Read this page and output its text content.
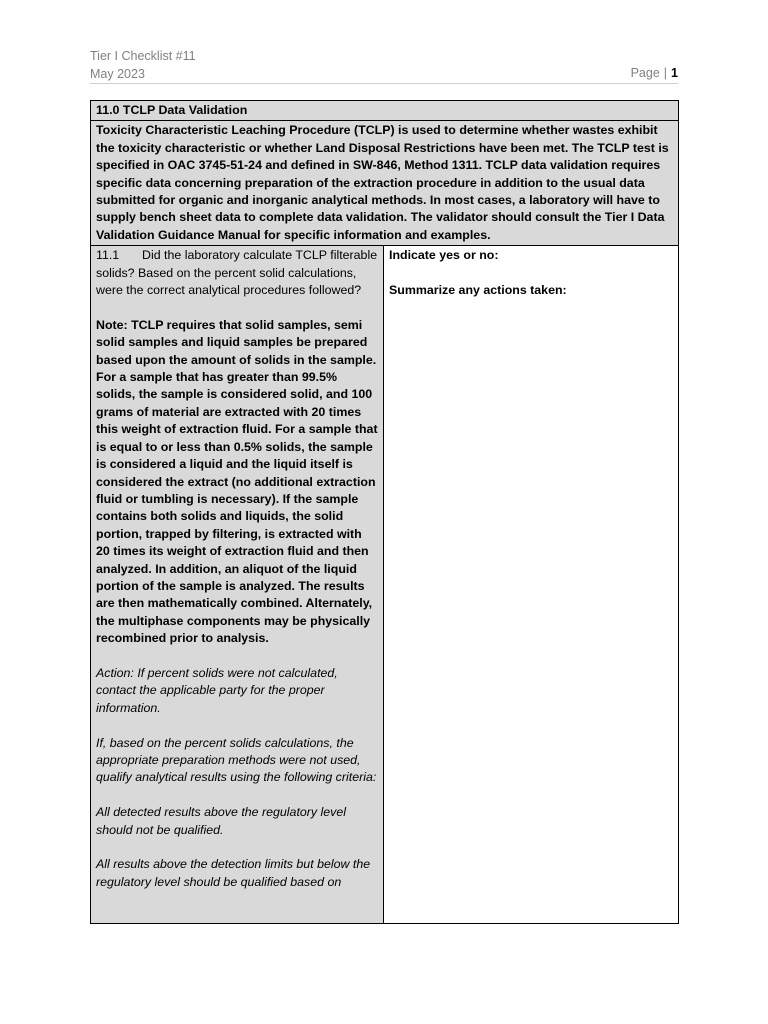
Tier I Checklist #11
May 2023	Page | 1
11.0 TCLP Data Validation
Toxicity Characteristic Leaching Procedure (TCLP) is used to determine whether wastes exhibit the toxicity characteristic or whether Land Disposal Restrictions have been met. The TCLP test is specified in OAC 3745-51-24 and defined in SW-846, Method 1311. TCLP data validation requires specific data concerning preparation of the extraction procedure in addition to the usual data submitted for organic and inorganic analytical methods. In most cases, a laboratory will have to supply bench sheet data to complete data validation. The validator should consult the Tier I Data Validation Guidance Manual for specific information and examples.

11.1 Did the laboratory calculate TCLP filterable solids? Based on the percent solid calculations, were the correct analytical procedures followed?

Note: TCLP requires that solid samples, semi solid samples and liquid samples be prepared based upon the amount of solids in the sample. For a sample that has greater than 99.5% solids, the sample is considered solid, and 100 grams of material are extracted with 20 times this weight of extraction fluid. For a sample that is equal to or less than 0.5% solids, the sample is considered a liquid and the liquid itself is considered the extract (no additional extraction fluid or tumbling is necessary). If the sample contains both solids and liquids, the solid portion, trapped by filtering, is extracted with 20 times its weight of extraction fluid and then analyzed. In addition, an aliquot of the liquid portion of the sample is analyzed. The results are then mathematically combined. Alternately, the multiphase components may be physically recombined prior to analysis.

Action: If percent solids were not calculated, contact the applicable party for the proper information.

If, based on the percent solids calculations, the appropriate preparation methods were not used, qualify analytical results using the following criteria:

All detected results above the regulatory level should not be qualified.

All results above the detection limits but below the regulatory level should be qualified based on

Indicate yes or no:

Summarize any actions taken:
